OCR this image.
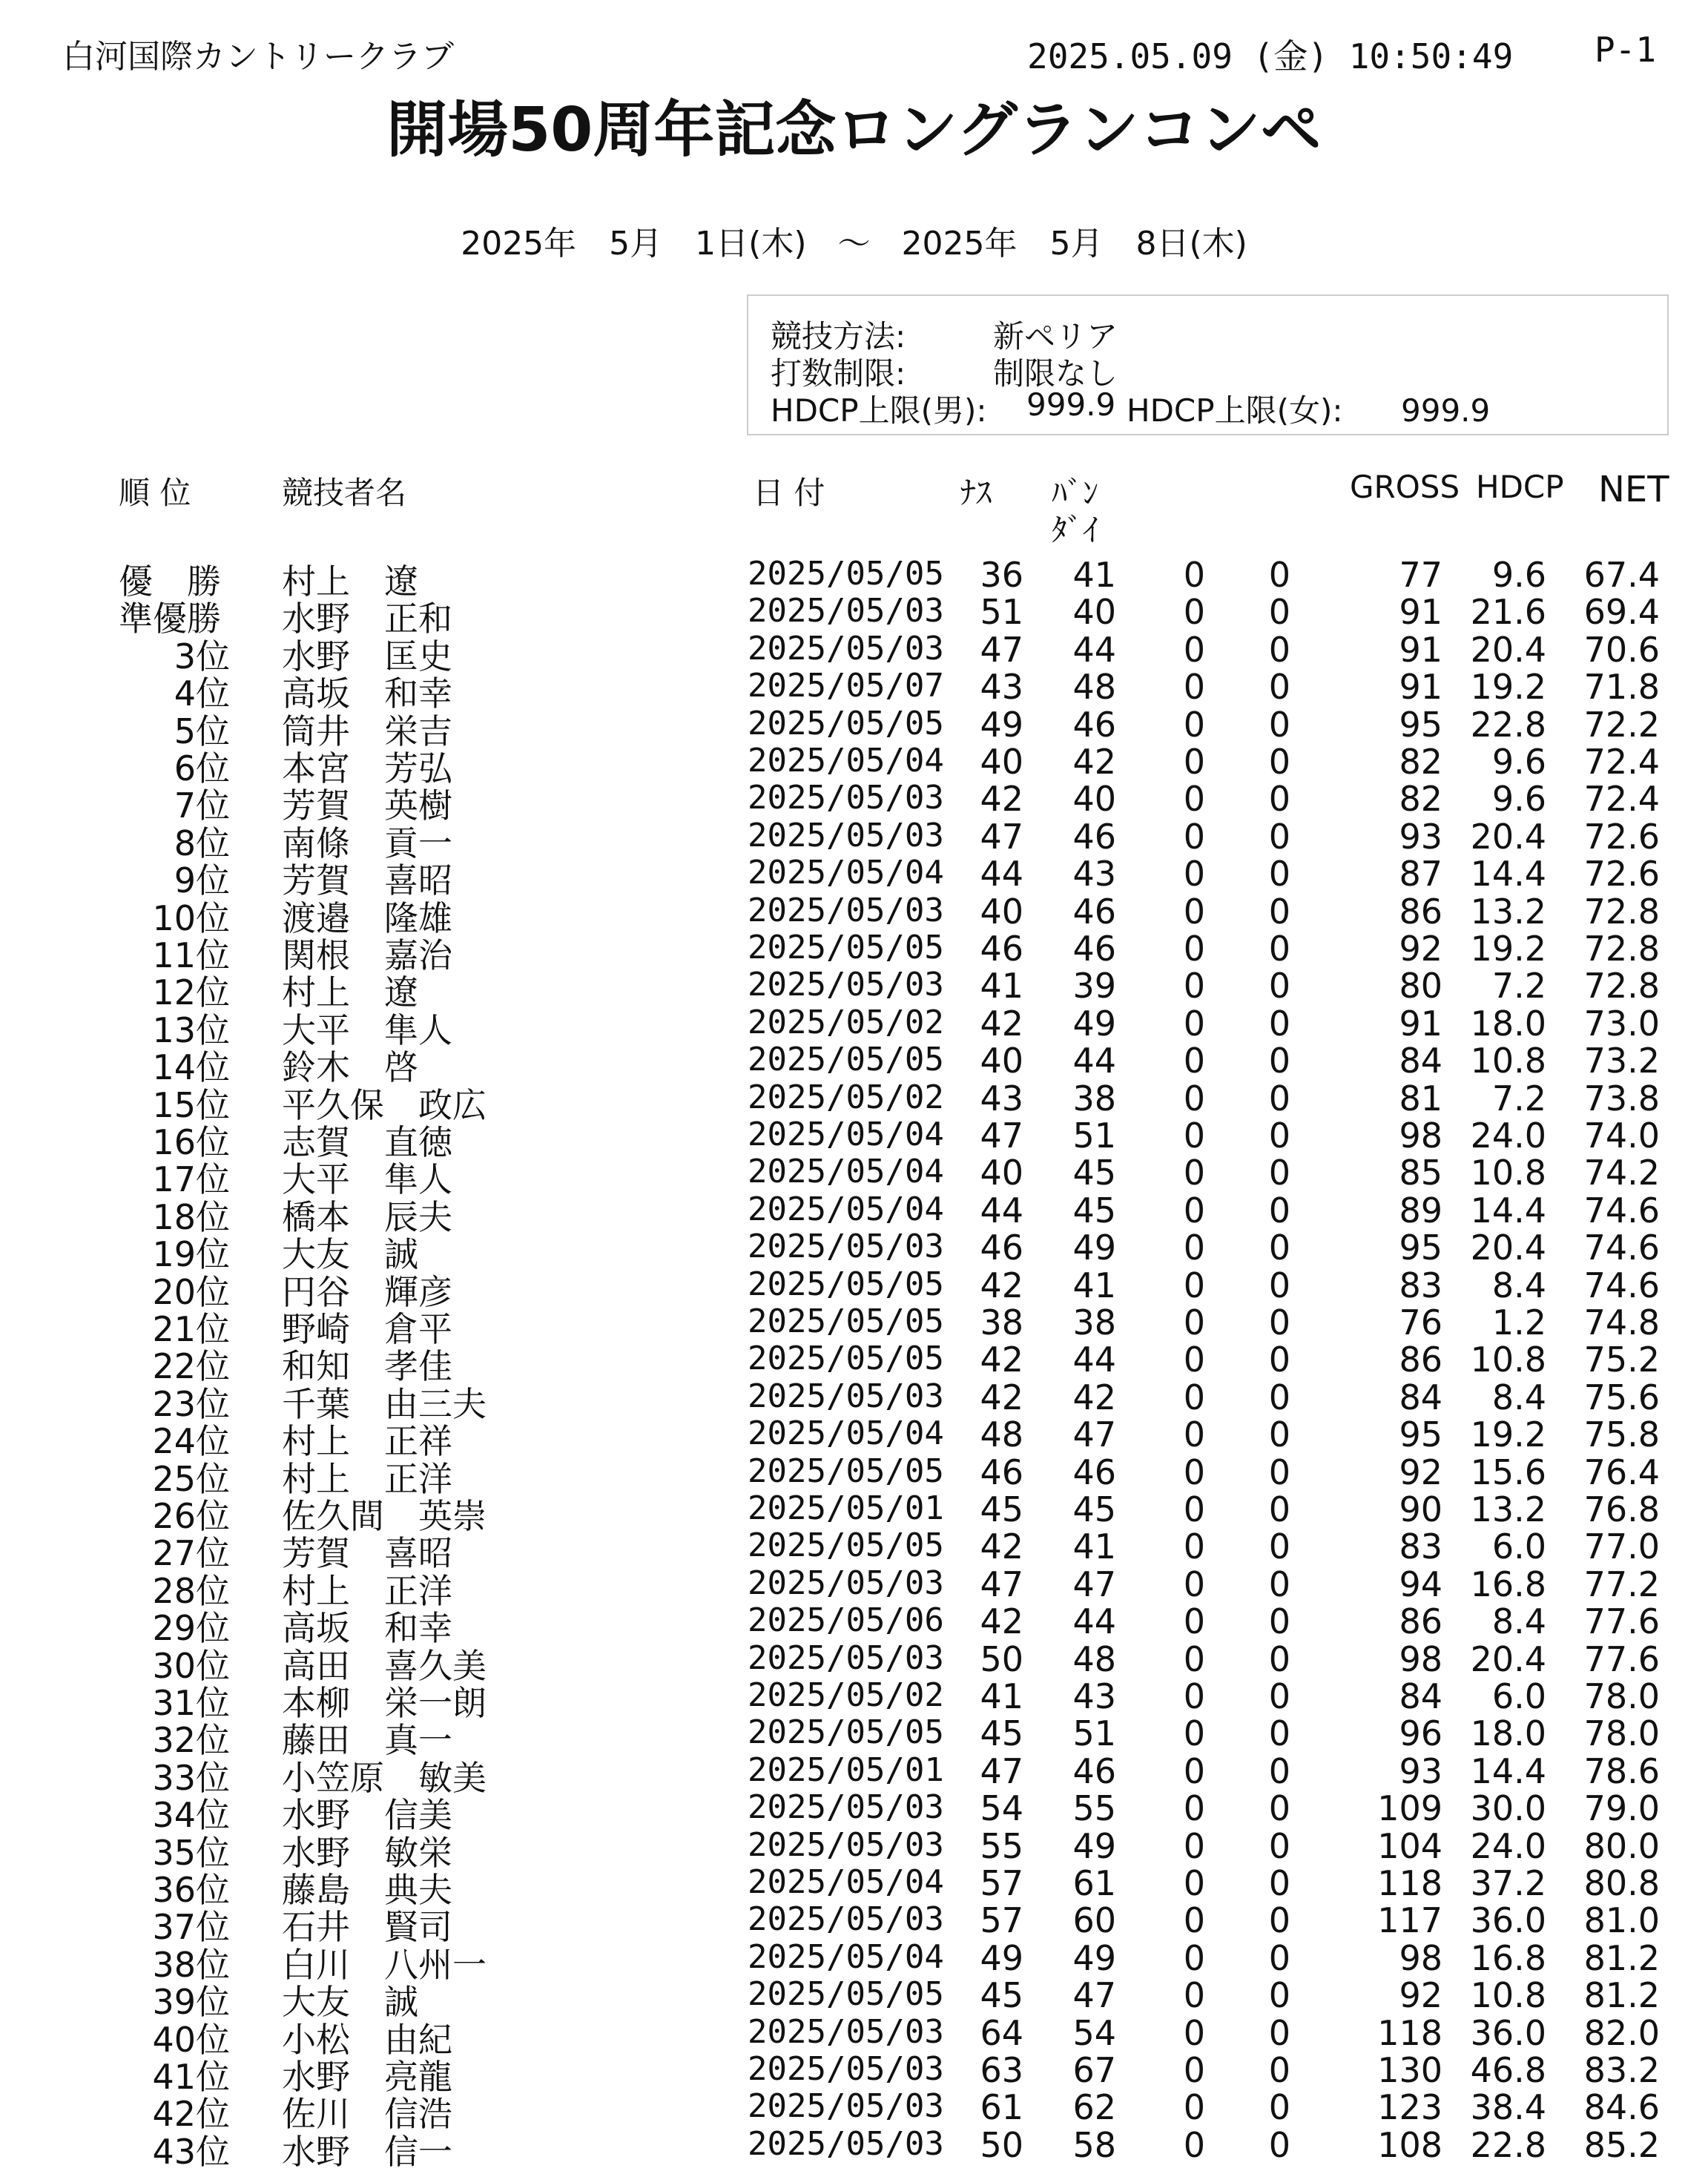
白河国際カントリークラブ	2025.05.09 (金) 10:50:49 P-1
開場50周年記念ロングランコンペ
2025年　5月　1日(木) ～ 2025年　5月　8日(木)
競技方法:	新ペリア
打数制限:	制限なし
HDCP上限(男): 999.9 HDCP上限(女): 999.9
順 位	競技者名	日 付	ﾅｽ ﾊﾞﾝ
ﾀﾞｲ
GROSS HDCP NET
優　勝 村上　遼	2025/05/05	36	41	0	0	77	9.6	67.4
準優勝 水野　正和	2025/05/03	51	40	0	0	91 21.6	69.4
3位 水野　匡史	2025/05/03	47	44	0	0	91 20.4	70.6
4位 高坂　和幸	2025/05/07	43	48	0	0	91 19.2	71.8
5位 筒井　栄吉	2025/05/05	49	46	0	0	95 22.8	72.2
6位 本宮　芳弘	2025/05/04	40	42	0	0	82	9.6	72.4
7位 芳賀　英樹	2025/05/03	42	40	0	0	82	9.6	72.4
8位 南條　貢一	2025/05/03	47	46	0	0	93 20.4	72.6
9位 芳賀　喜昭	2025/05/04	44	43	0	0	87 14.4	72.6
10位 渡邉　隆雄	2025/05/03	40	46	0	0	86 13.2	72.8
11位 関根　嘉治	2025/05/05	46	46	0	0	92 19.2	72.8
12位 村上　遼	2025/05/03	41	39	0	0	80	7.2	72.8
13位 大平　隼人	2025/05/02	42	49	0	0	91 18.0	73.0
14位 鈴木　啓	2025/05/05	40	44	0	0	84 10.8	73.2
15位 平久保　政広	2025/05/02	43	38	0	0	81	7.2	73.8
16位 志賀　直徳	2025/05/04	47	51	0	0	98 24.0	74.0
17位 大平　隼人	2025/05/04	40	45	0	0	85 10.8	74.2
18位 橋本　辰夫	2025/05/04	44	45	0	0	89 14.4	74.6
19位 大友　誠	2025/05/03	46	49	0	0	95 20.4	74.6
20位 円谷　輝彦	2025/05/05	42	41	0	0	83	8.4	74.6
21位 野崎　倉平	2025/05/05	38	38	0	0	76	1.2	74.8
22位 和知　孝佳	2025/05/05	42	44	0	0	86 10.8	75.2
23位 千葉　由三夫	2025/05/03	42	42	0	0	84	8.4	75.6
24位 村上　正祥	2025/05/04	48	47	0	0	95 19.2	75.8
25位 村上　正洋	2025/05/05	46	46	0	0	92 15.6	76.4
26位 佐久間　英崇	2025/05/01	45	45	0	0	90 13.2	76.8
27位 芳賀　喜昭	2025/05/05	42	41	0	0	83	6.0	77.0
28位 村上　正洋	2025/05/03	47	47	0	0	94 16.8	77.2
29位 高坂　和幸	2025/05/06	42	44	0	0	86	8.4	77.6
30位 高田　喜久美	2025/05/03	50	48	0	0	98 20.4	77.6
31位 本柳　栄一朗	2025/05/02	41	43	0	0	84	6.0	78.0
32位 藤田　真一	2025/05/05	45	51	0	0	96 18.0	78.0
33位 小笠原　敏美	2025/05/01	47	46	0	0	93 14.4	78.6
34位 水野　信美	2025/05/03	54	55	0	0	109 30.0	79.0
35位 水野　敏栄	2025/05/03	55	49	0	0	104 24.0	80.0
36位 藤島　典夫	2025/05/04	57	61	0	0	118 37.2	80.8
37位 石井　賢司	2025/05/03	57	60	0	0	117 36.0	81.0
38位 白川　八州一	2025/05/04	49	49	0	0	98 16.8	81.2
39位 大友　誠	2025/05/05	45	47	0	0	92 10.8	81.2
40位 小松　由紀	2025/05/03	64	54	0	0	118 36.0	82.0
41位 水野　亮龍	2025/05/03	63	67	0	0	130 46.8	83.2
42位 佐川　信浩	2025/05/03	61	62	0	0	123 38.4	84.6
43位 水野　信一	2025/05/03	50	58	0	0	108 22.8	85.2
